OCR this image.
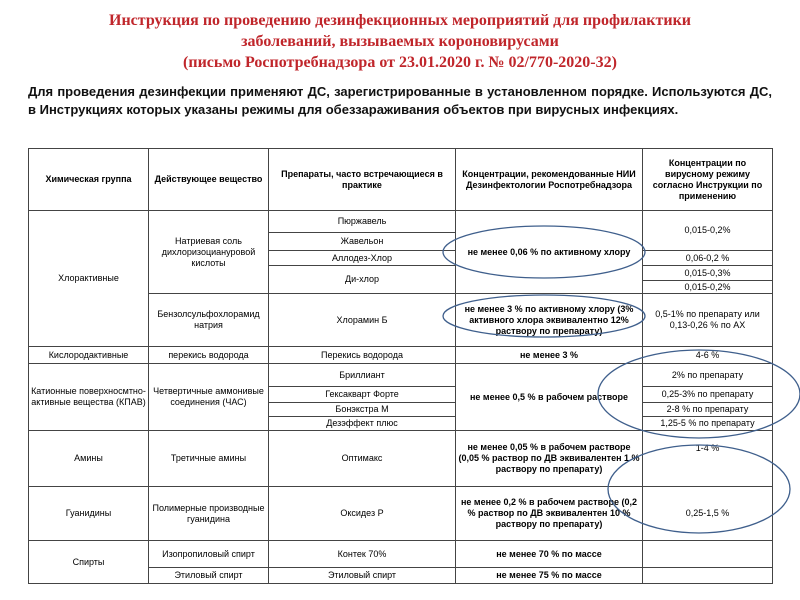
Инструкция по проведению дезинфекционных мероприятий для профилактики
заболеваний, вызываемых короновирусами
(письмо Роспотребнадзора от 23.01.2020 г. № 02/770-2020-32)
Для проведения дезинфекции применяют ДС, зарегистрированные в установленном порядке. Используются ДС, в Инструкциях которых указаны режимы для обеззараживания объектов при вирусных инфекциях.
Химическая группа	Действующее вещество	Препараты, часто встречающиеся в практике	Концентрации, рекомендованные НИИ Дезинфектологии Роспотребнадзора	Концентрации по вирусному режиму согласно Инструкции по применению
Хлорактивные	Натриевая соль дихлоризоциануровой кислоты	Пюржавель	не менее 0,06 % по активному хлору	0,015-0,2%
		Жавельон		
		Аллодез-Хлор		0,06-0,2 %
		Ди-хлор		0,015-0,3%
				0,015-0,2%
	Бензолсульфохлорамид натрия	Хлорамин Б	не менее 3 % по активному хлору (3% активного хлора эквивалентно 12% раствору по препарату)	0,5-1% по препарату или 0,13-0,26 % по АХ
Кислородактивные	перекись водорода	Перекись водорода	не менее 3 %	4-6 %
Катионные поверхносмтно-активные вещества (КПАВ)	Четвертичные аммонивые соединения (ЧАС)	Бриллиант	не менее 0,5 % в рабочем растворе	2% по препарату
		Гексакварт Форте		0,25-3% по препарату
		Бонэкстра М		2-8 % по препарату
		Дезэффект плюс		1,25-5 % по препарату
Амины	Третичные амины	Оптимакс	не менее 0,05 % в рабочем растворе (0,05 % раствор по ДВ эквивалентен 1 % раствору по препарату)	1-4 %
Гуанидины	Полимерные производные гуанидина	Оксидез Р	не менее 0,2 % в рабочем растворе (0,2 % раствор по ДВ эквивалентен 10 % раствору по препарату)	0,25-1,5 %
Спирты	Изопропиловый спирт	Контек 70%	не менее 70 % по массе	
	Этиловый спирт	Этиловый спирт	не менее 75 % по массе	
